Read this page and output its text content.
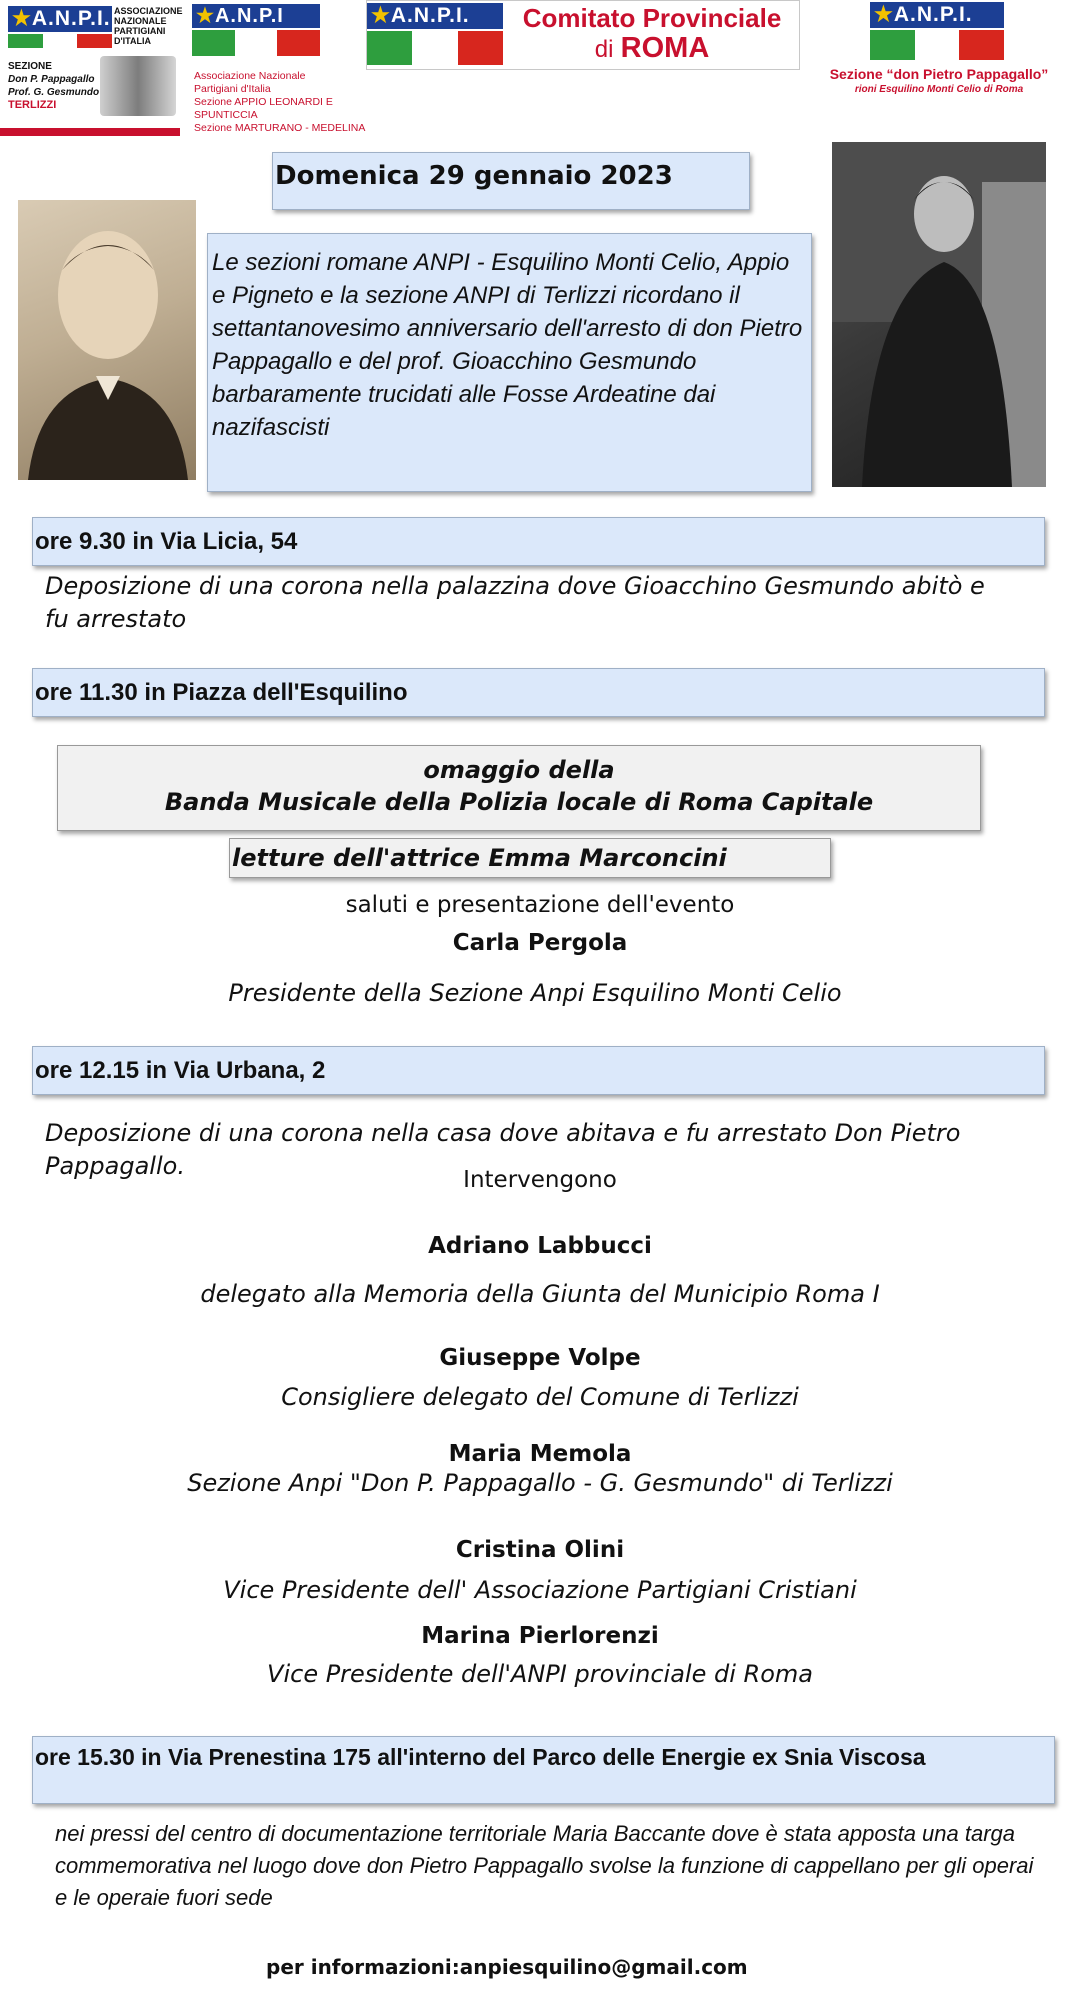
★A.N.P.I. ASSOCIAZIONE
NAZIONALE
PARTIGIANI
D'ITALIA
SEZIONE
Don P. Pappagallo
Prof. G. Gesmundo
TERLIZZI
★A.N.P.I
Associazione Nazionale
Partigiani d'Italia
Sezione APPIO LEONARDI E
SPUNTICCIA
Sezione MARTURANO - MEDELINA
★A.N.P.I.	Comitato Provinciale
di ROMA
★A.N.P.I.
Sezione “don Pietro Pappagallo”
rioni Esquilino Monti Celio di Roma
Domenica 29 gennaio 2023
Le sezioni romane ANPI - Esquilino Monti Celio, Appio e Pigneto e la sezione ANPI di Terlizzi ricordano il settantanovesimo anniversario dell'arresto di don Pietro Pappagallo e del prof. Gioacchino Gesmundo barbaramente trucidati alle Fosse Ardeatine dai nazifascisti
ore 9.30 in Via Licia, 54
Deposizione di una corona nella palazzina dove Gioacchino Gesmundo abitò e fu arrestato
ore 11.30 in Piazza dell'Esquilino
omaggio della
Banda Musicale della Polizia locale di Roma Capitale
letture dell'attrice Emma Marconcini
saluti e presentazione dell'evento
Carla Pergola
Presidente della Sezione Anpi Esquilino Monti Celio
ore 12.15 in Via Urbana, 2
Deposizione di una corona nella casa dove abitava e fu arrestato Don Pietro Pappagallo.	Intervengono
Adriano Labbucci
delegato alla Memoria della Giunta del Municipio Roma I
Giuseppe Volpe
Consigliere delegato del Comune di Terlizzi
Maria Memola
Sezione Anpi "Don P. Pappagallo - G. Gesmundo" di Terlizzi
Cristina Olini
Vice Presidente dell' Associazione Partigiani Cristiani
Marina Pierlorenzi
Vice Presidente dell'ANPI provinciale di Roma
ore 15.30 in Via Prenestina 175 all'interno del Parco delle Energie ex Snia Viscosa
nei pressi del centro di documentazione territoriale Maria Baccante dove è stata apposta una targa commemorativa nel luogo dove don Pietro Pappagallo svolse la funzione di cappellano per gli operai e le operaie fuori sede
per informazioni:anpiesquilino@gmail.com
